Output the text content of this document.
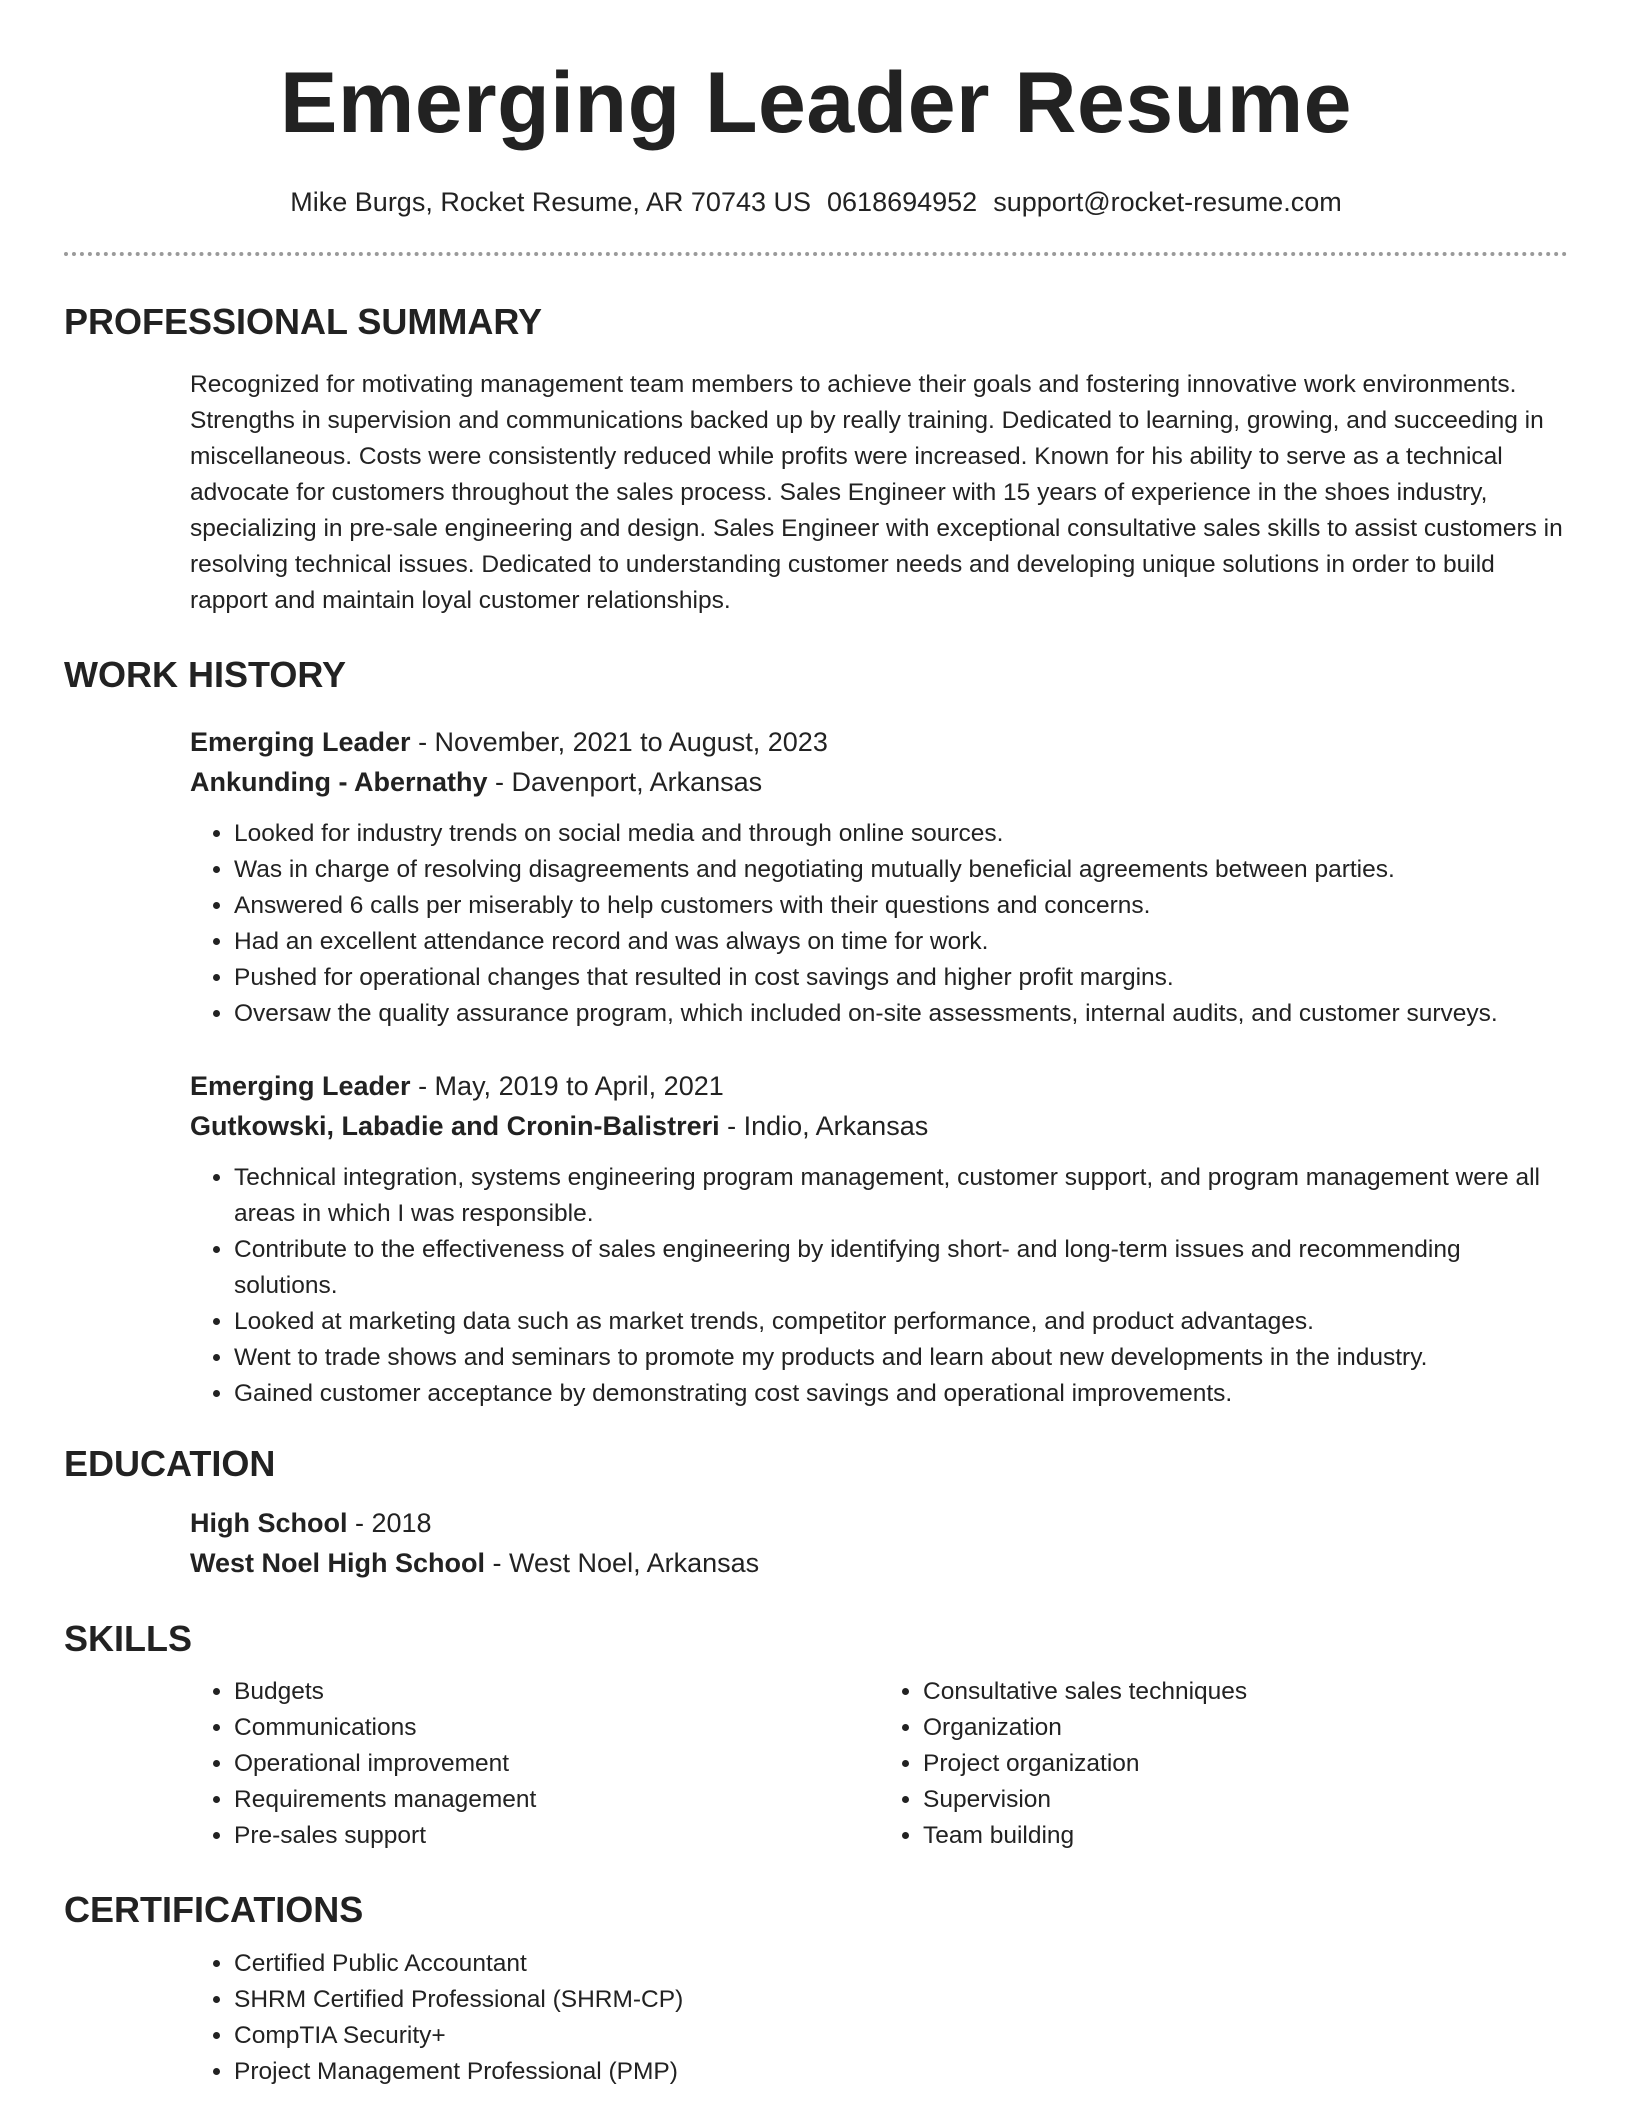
Emerging Leader Resume
Mike Burgs, Rocket Resume, AR 70743 US 0618694952 support@rocket-resume.com
PROFESSIONAL SUMMARY

Recognized for motivating management team members to achieve their goals and fostering innovative work environments. Strengths in supervision and communications backed up by really training. Dedicated to learning, growing, and succeeding in miscellaneous. Costs were consistently reduced while profits were increased. Known for his ability to serve as a technical advocate for customers throughout the sales process. Sales Engineer with 15 years of experience in the shoes industry, specializing in pre-sale engineering and design. Sales Engineer with exceptional consultative sales skills to assist customers in resolving technical issues. Dedicated to understanding customer needs and developing unique solutions in order to build rapport and maintain loyal customer relationships.

WORK HISTORY
Emerging Leader - November, 2021 to August, 2023
Ankunding - Abernathy - Davenport, Arkansas
• Looked for industry trends on social media and through online sources.
• Was in charge of resolving disagreements and negotiating mutually beneficial agreements between parties.
• Answered 6 calls per miserably to help customers with their questions and concerns.
• Had an excellent attendance record and was always on time for work.
• Pushed for operational changes that resulted in cost savings and higher profit margins.
• Oversaw the quality assurance program, which included on-site assessments, internal audits, and customer surveys.
Emerging Leader - May, 2019 to April, 2021
Gutkowski, Labadie and Cronin-Balistreri - Indio, Arkansas
• Technical integration, systems engineering program management, customer support, and program management were all areas in which I was responsible.
• Contribute to the effectiveness of sales engineering by identifying short- and long-term issues and recommending solutions.
• Looked at marketing data such as market trends, competitor performance, and product advantages.
• Went to trade shows and seminars to promote my products and learn about new developments in the industry.
• Gained customer acceptance by demonstrating cost savings and operational improvements.
EDUCATION
High School - 2018
West Noel High School - West Noel, Arkansas
SKILLS
• Budgets
• Communications
• Operational improvement
• Requirements management
• Pre-sales support
• Consultative sales techniques
• Organization
• Project organization
• Supervision
• Team building
CERTIFICATIONS
• Certified Public Accountant
• SHRM Certified Professional (SHRM-CP)
• CompTIA Security+
• Project Management Professional (PMP)
